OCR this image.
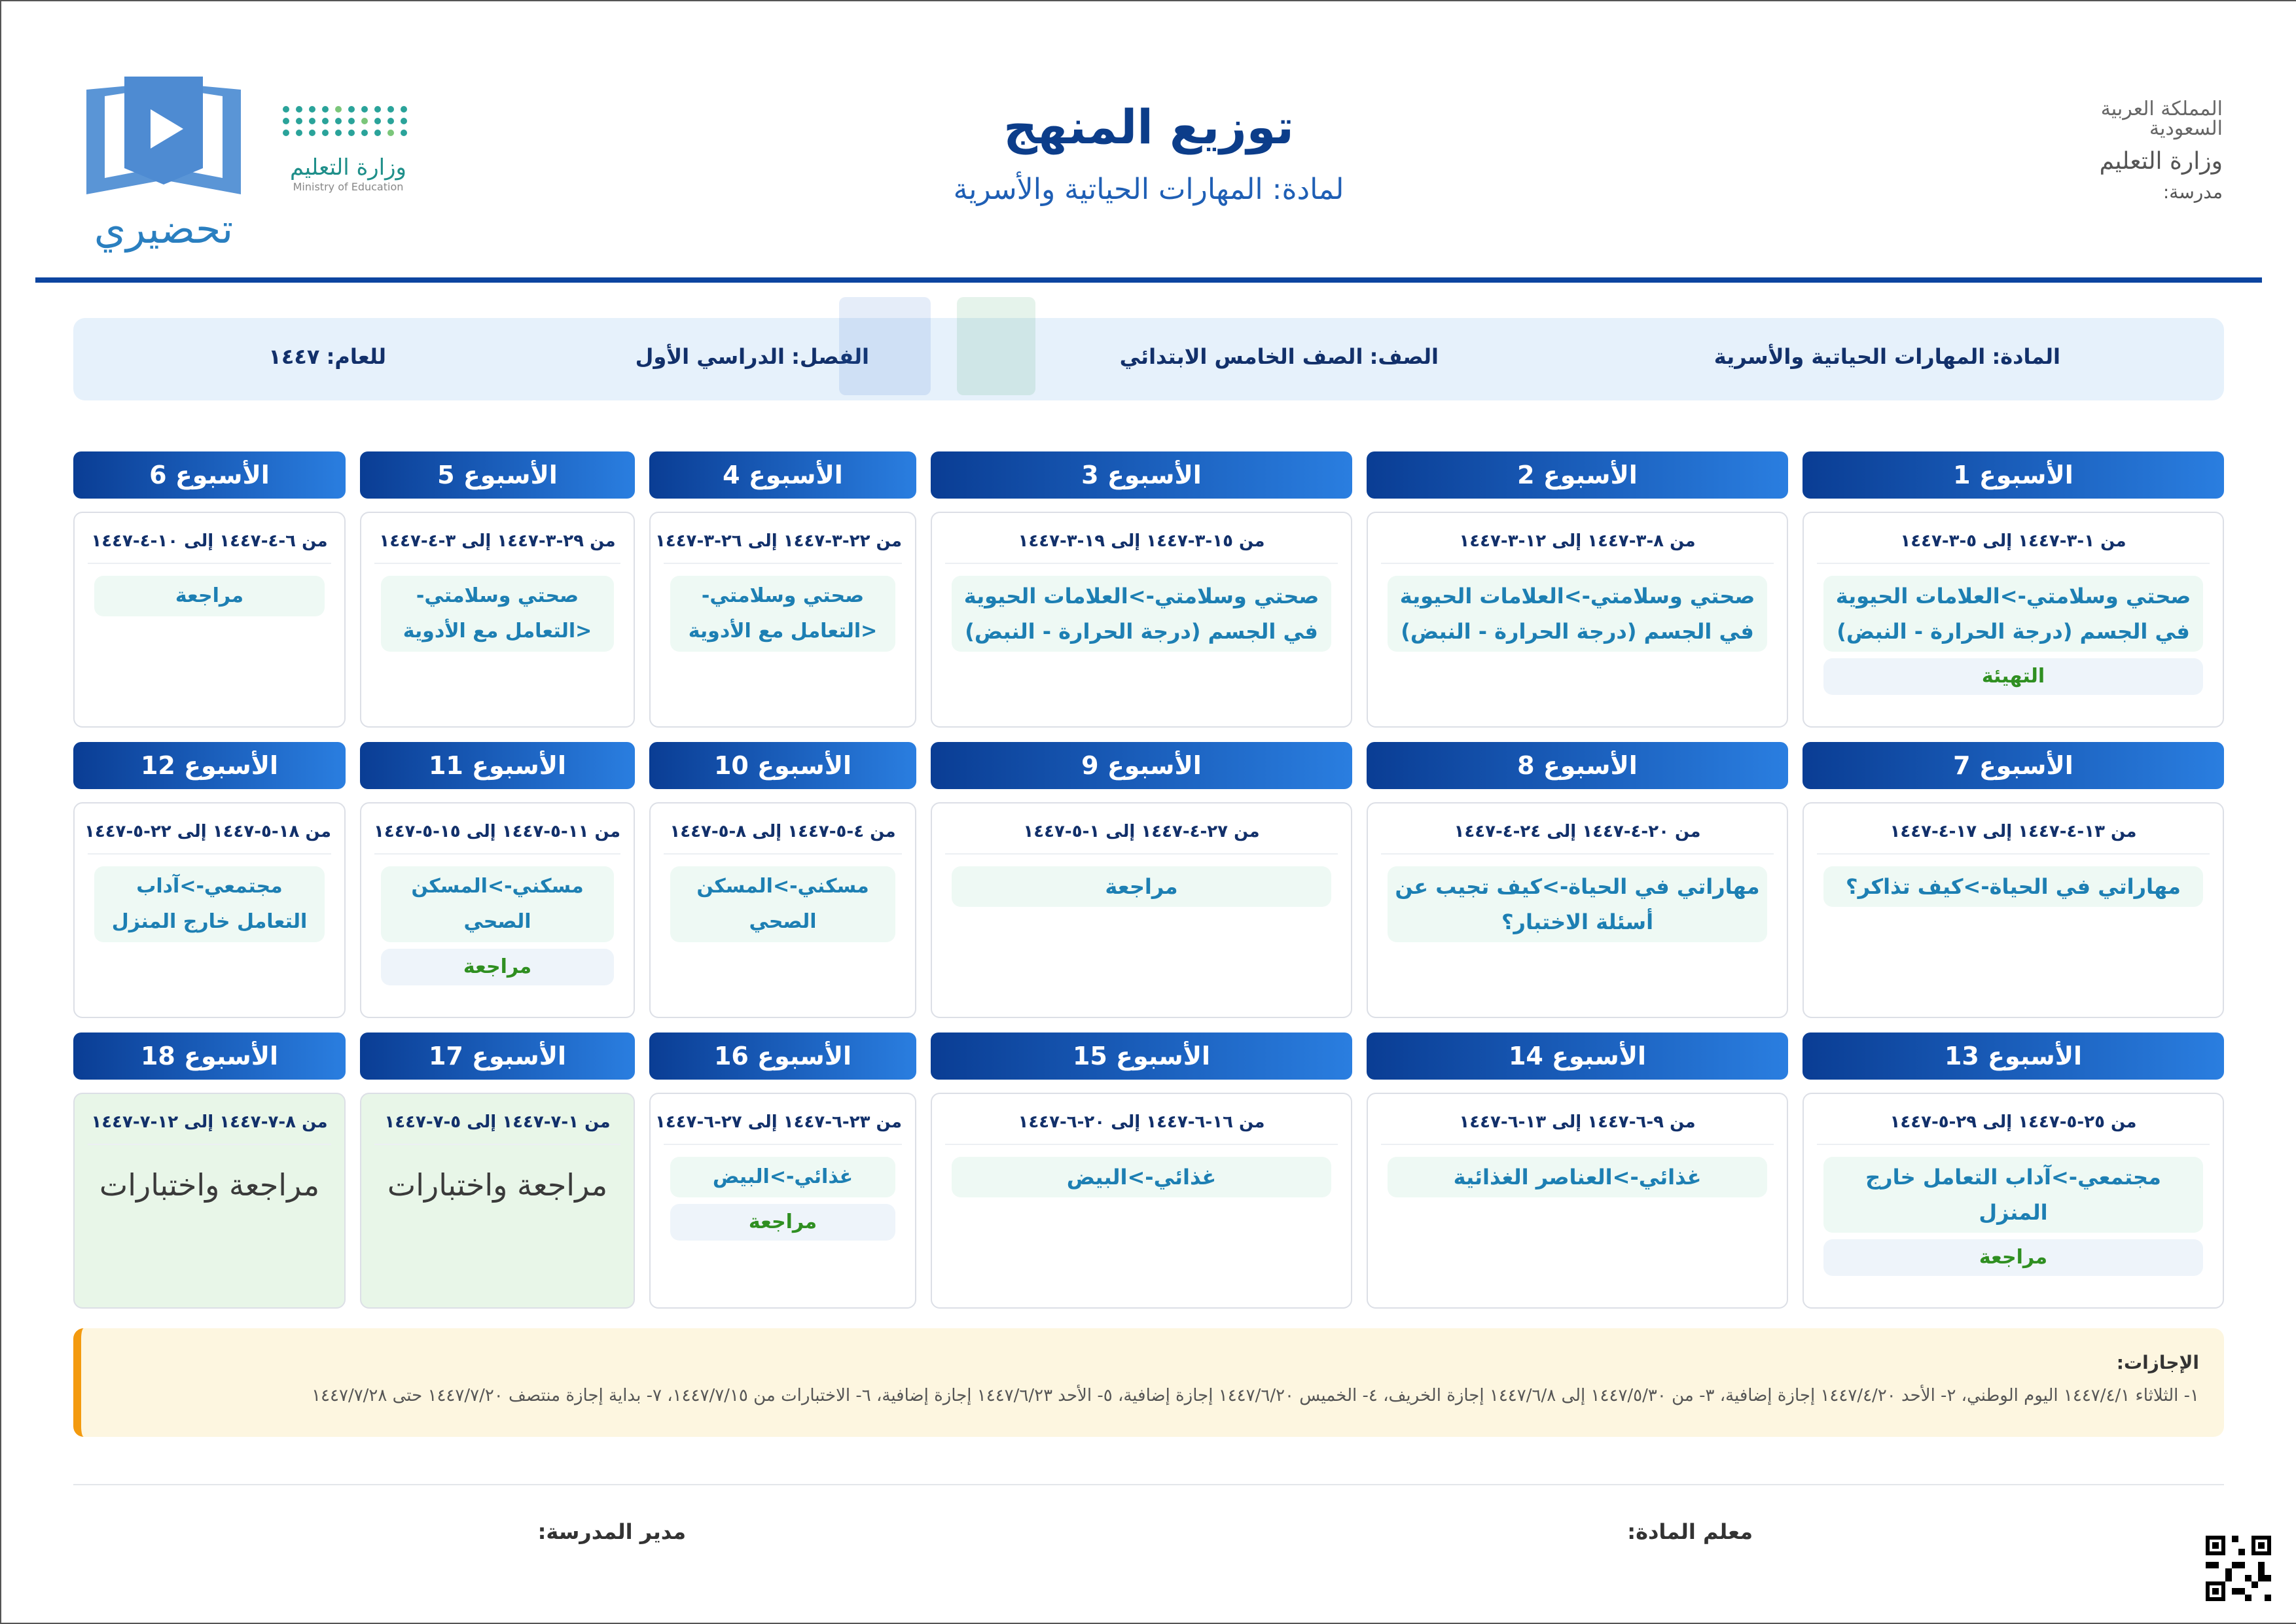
المملكة العربية السعودية
وزارة التعليم
مدرسة:
توزيع المنهج
لمادة: المهارات الحياتية والأسرية
وزارة التعليم
Ministry of Education
تحضيري
المادة: المهارات الحياتية والأسرية
الصف: الصف الخامس الابتدائي
الفصل: الدراسي الأول
للعام: ١٤٤٧
الأسبوع 1
من ١-٣-١٤٤٧ إلى ٥-٣-١٤٤٧
صحتي وسلامتي->العلامات الحيوية في الجسم (درجة الحرارة - النبض)
التهيئة
الأسبوع 2
من ٨-٣-١٤٤٧ إلى ١٢-٣-١٤٤٧
صحتي وسلامتي->العلامات الحيوية في الجسم (درجة الحرارة - النبض)
الأسبوع 3
من ١٥-٣-١٤٤٧ إلى ١٩-٣-١٤٤٧
صحتي وسلامتي->العلامات الحيوية في الجسم (درجة الحرارة - النبض)
الأسبوع 4
من ٢٢-٣-١٤٤٧ إلى ٢٦-٣-١٤٤٧
صحتي وسلامتي-<التعامل مع الأدوية
الأسبوع 5
من ٢٩-٣-١٤٤٧ إلى ٣-٤-١٤٤٧
صحتي وسلامتي-<التعامل مع الأدوية
الأسبوع 6
من ٦-٤-١٤٤٧ إلى ١٠-٤-١٤٤٧
مراجعة
الأسبوع 7
من ١٣-٤-١٤٤٧ إلى ١٧-٤-١٤٤٧
مهاراتي في الحياة->كيف تذاكر؟
الأسبوع 8
من ٢٠-٤-١٤٤٧ إلى ٢٤-٤-١٤٤٧
مهاراتي في الحياة->كيف تجيب عن أسئلة الاختبار؟
الأسبوع 9
من ٢٧-٤-١٤٤٧ إلى ١-٥-١٤٤٧
مراجعة
الأسبوع 10
من ٤-٥-١٤٤٧ إلى ٨-٥-١٤٤٧
مسكني->المسكن الصحي
الأسبوع 11
من ١١-٥-١٤٤٧ إلى ١٥-٥-١٤٤٧
مسكني->المسكن الصحي
مراجعة
الأسبوع 12
من ١٨-٥-١٤٤٧ إلى ٢٢-٥-١٤٤٧
مجتمعي->آداب التعامل خارج المنزل
الأسبوع 13
من ٢٥-٥-١٤٤٧ إلى ٢٩-٥-١٤٤٧
مجتمعي->آداب التعامل خارج المنزل
مراجعة
الأسبوع 14
من ٩-٦-١٤٤٧ إلى ١٣-٦-١٤٤٧
غذائي->العناصر الغذائية
الأسبوع 15
من ١٦-٦-١٤٤٧ إلى ٢٠-٦-١٤٤٧
غذائي->البيض
الأسبوع 16
من ٢٣-٦-١٤٤٧ إلى ٢٧-٦-١٤٤٧
غذائي->البيض
مراجعة
الأسبوع 17
من ١-٧-١٤٤٧ إلى ٥-٧-١٤٤٧
مراجعة واختبارات
الأسبوع 18
من ٨-٧-١٤٤٧ إلى ١٢-٧-١٤٤٧
مراجعة واختبارات
الإجازات:
١- الثلاثاء ١٤٤٧/٤/١ اليوم الوطني، ٢- الأحد ١٤٤٧/٤/٢٠ إجازة إضافية، ٣- من ١٤٤٧/٥/٣٠ إلى ١٤٤٧/٦/٨ إجازة الخريف، ٤- الخميس ١٤٤٧/٦/٢٠ إجازة إضافية، ٥- الأحد ١٤٤٧/٦/٢٣ إجازة إضافية، ٦- الاختبارات من ١٤٤٧/٧/١٥، ٧- بداية إجازة منتصف ١٤٤٧/٧/٢٠ حتى ١٤٤٧/٧/٢٨
معلم المادة:
مدير المدرسة:
